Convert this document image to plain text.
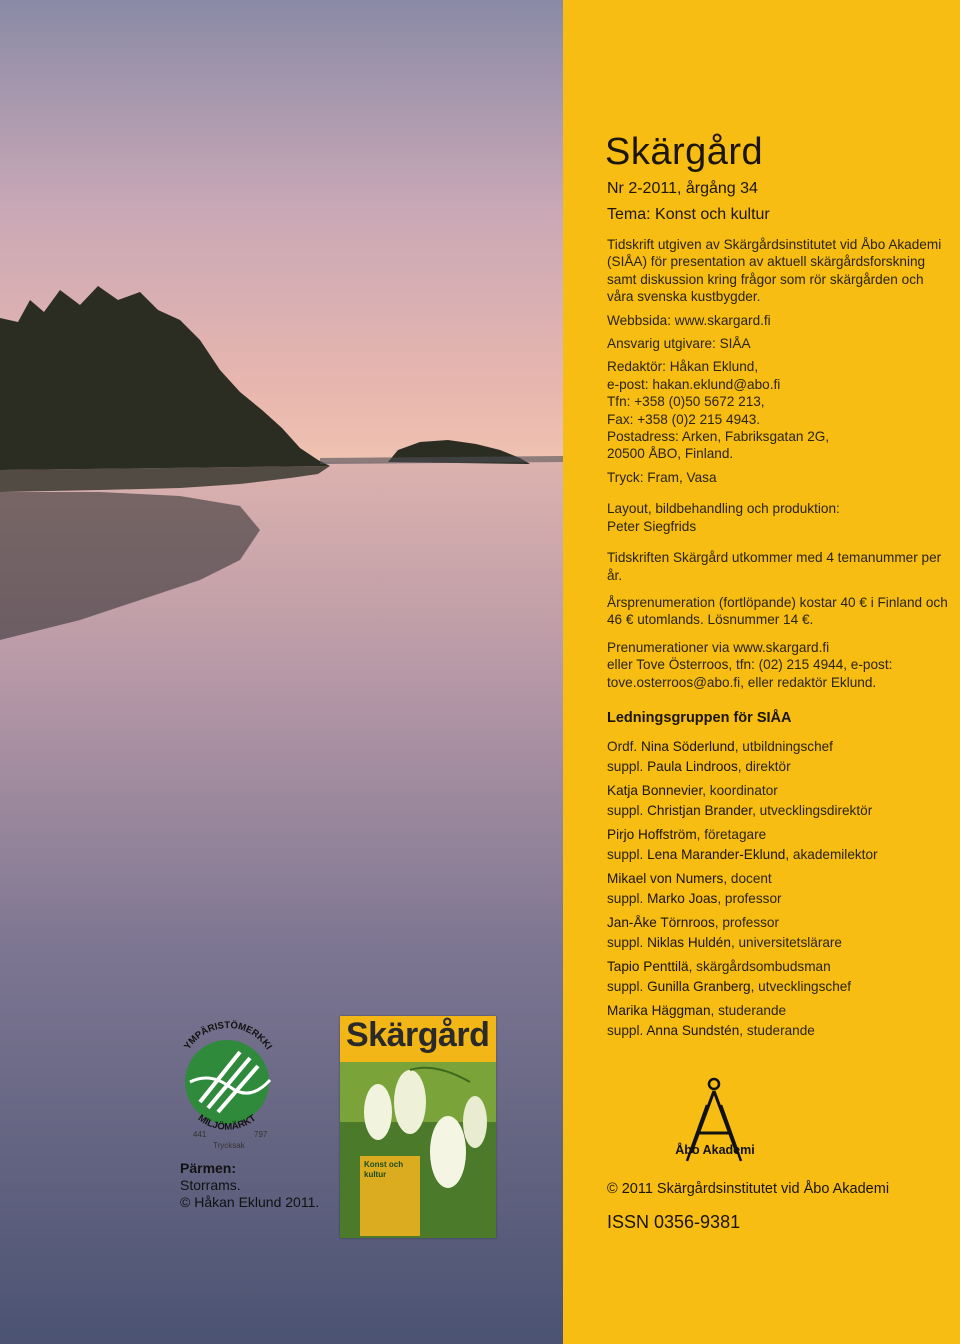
Skärgård
Nr 2-2011, årgång 34
Tema: Konst och kultur
Tidskrift utgiven av Skärgårdsinstitutet vid Åbo Akademi (SIÅA) för presentation av aktuell skärgårdsforskning samt diskussion kring frågor som rör skärgården och våra svenska kustbygder.
Webbsida: www.skargard.fi
Ansvarig utgivare: SIÅA
Redaktör: Håkan Eklund,
e-post: hakan.eklund@abo.fi
Tfn: +358 (0)50 5672 213,
Fax: +358 (0)2 215 4943.
Postadress: Arken, Fabriksgatan 2G,
20500 ÅBO, Finland.
Tryck: Fram, Vasa
Layout, bildbehandling och produktion:
Peter Siegfrids
Tidskriften Skärgård utkommer med 4 temanummer per år.
Årsprenumeration (fortlöpande) kostar 40 € i Finland och 46 € utomlands. Lösnummer 14 €.
Prenumerationer via www.skargard.fi
eller Tove Österroos, tfn: (02) 215 4944, e-post:
tove.osterroos@abo.fi, eller redaktör Eklund.
Ledningsgruppen för SIÅA
Ordf. Nina Söderlund, utbildningschef
suppl. Paula Lindroos, direktör
Katja Bonnevier, koordinator
suppl. Christjan Brander, utvecklingsdirektör
Pirjo Hoffström, företagare
suppl. Lena Marander-Eklund, akademilektor
Mikael von Numers, docent
suppl. Marko Joas, professor
Jan-Åke Törnroos, professor
suppl. Niklas Huldén, universitetslärare
Tapio Penttilä, skärgårdsombudsman
suppl. Gunilla Granberg, utvecklingschef
Marika Häggman, studerande
suppl. Anna Sundstén, studerande
Åbo Akademi
© 2011 Skärgårdsinstitutet vid Åbo Akademi
ISSN 0356-9381
YMPÄRISTÖMERKKI
MILJÖMÄRKT
441	797
Trycksak
Pärmen:
Storrams.
© Håkan Eklund 2011.
Skärgård
Konst och kultur
